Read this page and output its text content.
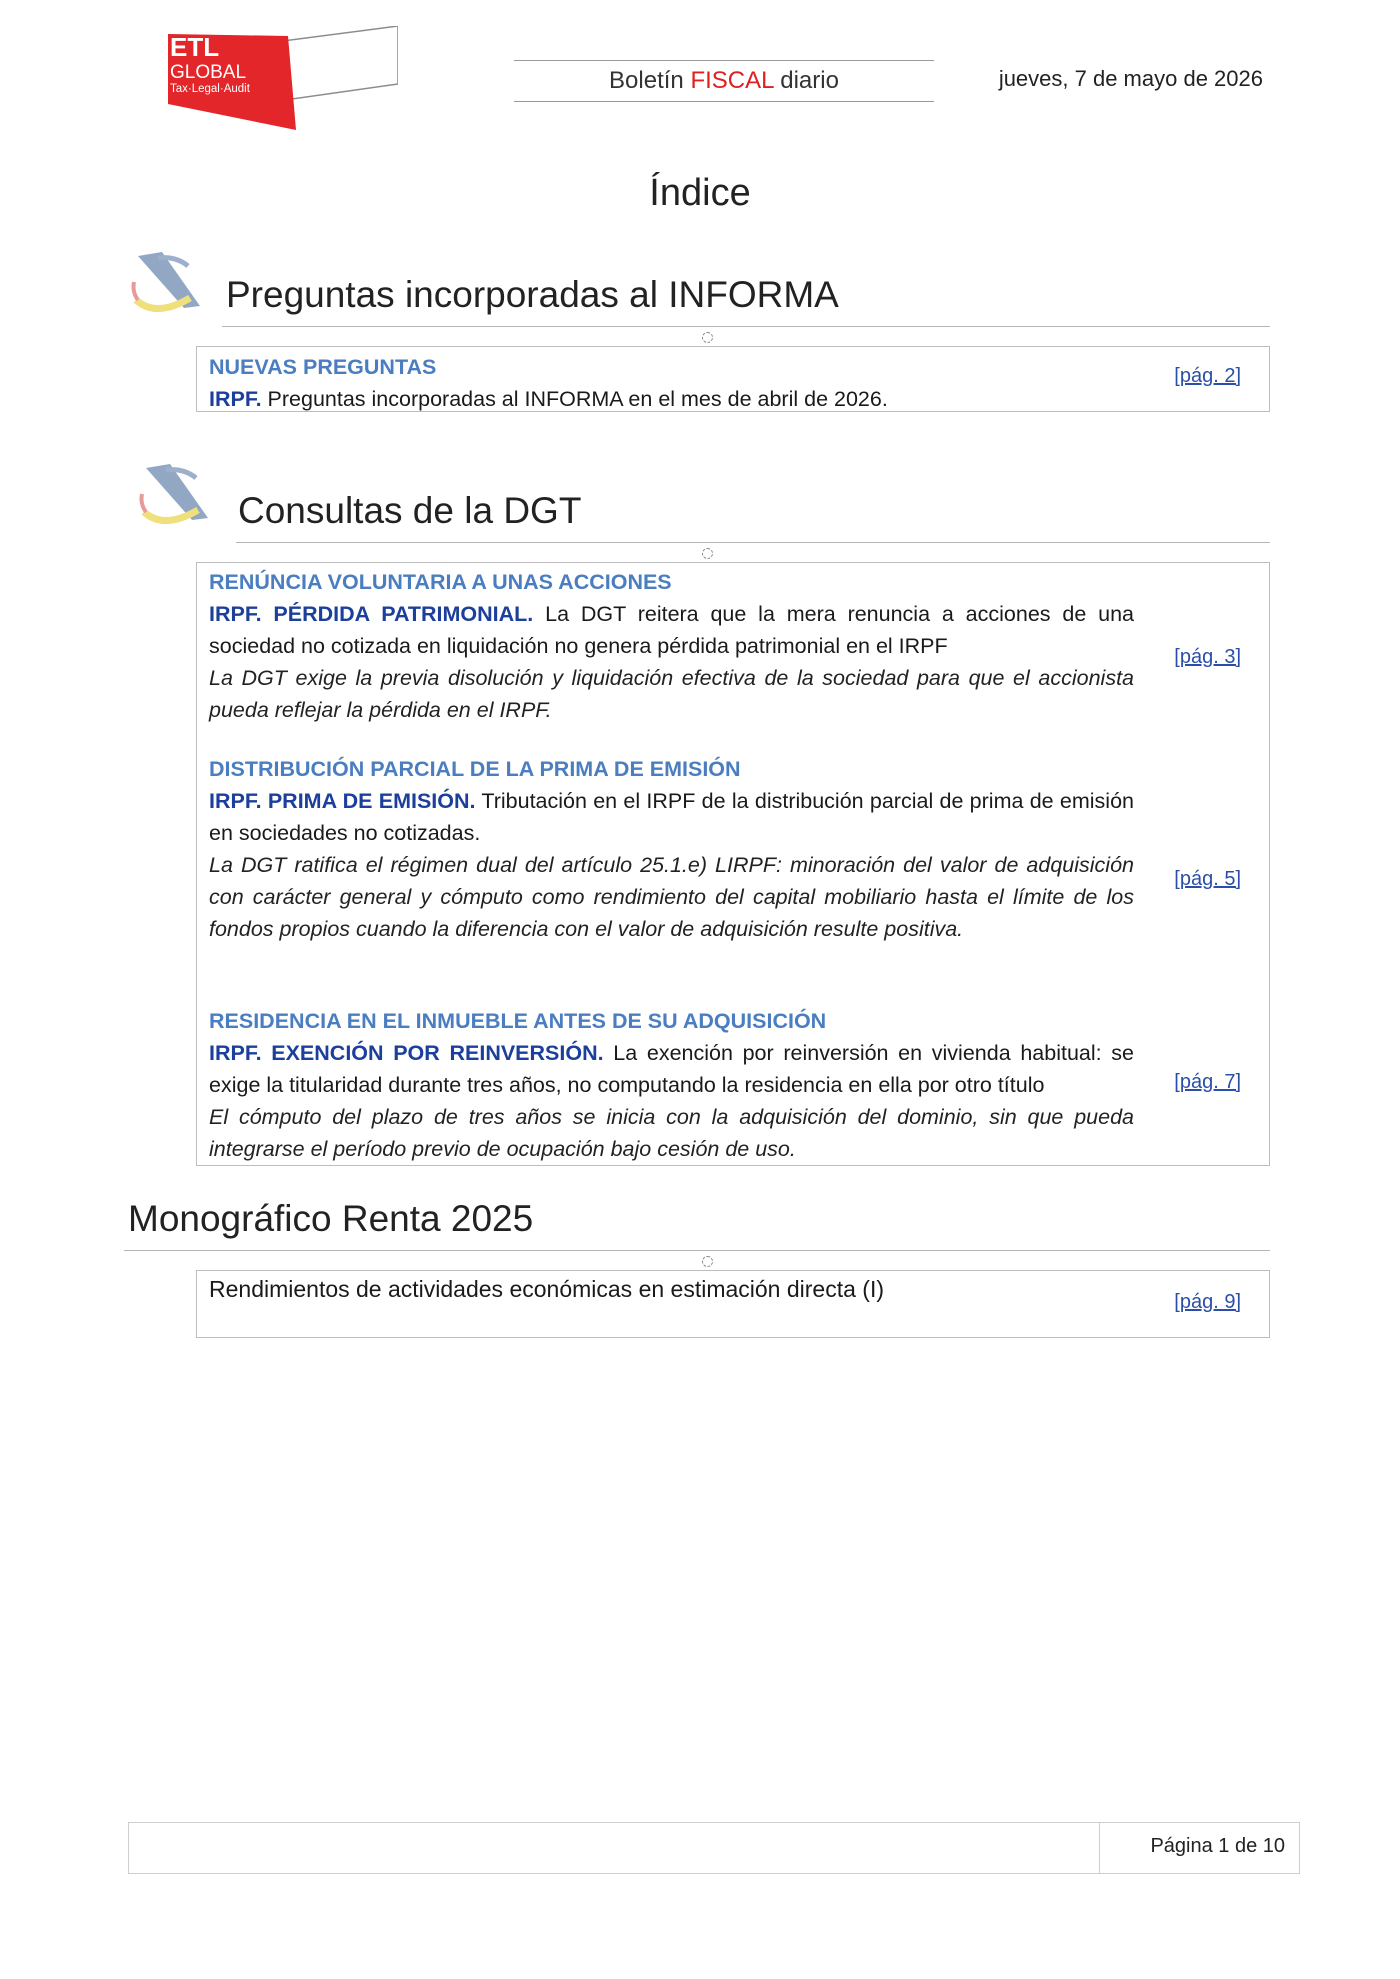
ETL
GLOBAL
Tax·Legal·Audit	Boletín FISCAL diario	jueves, 7 de mayo de 2026
Índice
Preguntas incorporadas al INFORMA
NUEVAS PREGUNTAS
IRPF. Preguntas incorporadas al INFORMA en el mes de abril de 2026.
[pág. 2]
Consultas de la DGT
RENÚNCIA VOLUNTARIA A UNAS ACCIONES
IRPF. PÉRDIDA PATRIMONIAL. La DGT reitera que la mera renuncia a acciones de una sociedad no cotizada en liquidación no genera pérdida patrimonial en el IRPF
La DGT exige la previa disolución y liquidación efectiva de la sociedad para que el accionista pueda reflejar la pérdida en el IRPF.
[pág. 3]
DISTRIBUCIÓN PARCIAL DE LA PRIMA DE EMISIÓN
IRPF. PRIMA DE EMISIÓN. Tributación en el IRPF de la distribución parcial de prima de emisión en sociedades no cotizadas.
La DGT ratifica el régimen dual del artículo 25.1.e) LIRPF: minoración del valor de adquisición con carácter general y cómputo como rendimiento del capital mobiliario hasta el límite de los fondos propios cuando la diferencia con el valor de adquisición resulte positiva.
[pág. 5]
RESIDENCIA EN EL INMUEBLE ANTES DE SU ADQUISICIÓN
IRPF. EXENCIÓN POR REINVERSIÓN. La exención por reinversión en vivienda habitual: se exige la titularidad durante tres años, no computando la residencia en ella por otro título
El cómputo del plazo de tres años se inicia con la adquisición del dominio, sin que pueda integrarse el período previo de ocupación bajo cesión de uso.
[pág. 7]
Monográfico Renta 2025
Rendimientos de actividades económicas en estimación directa (I)	[pág. 9]
Página 1 de 10
